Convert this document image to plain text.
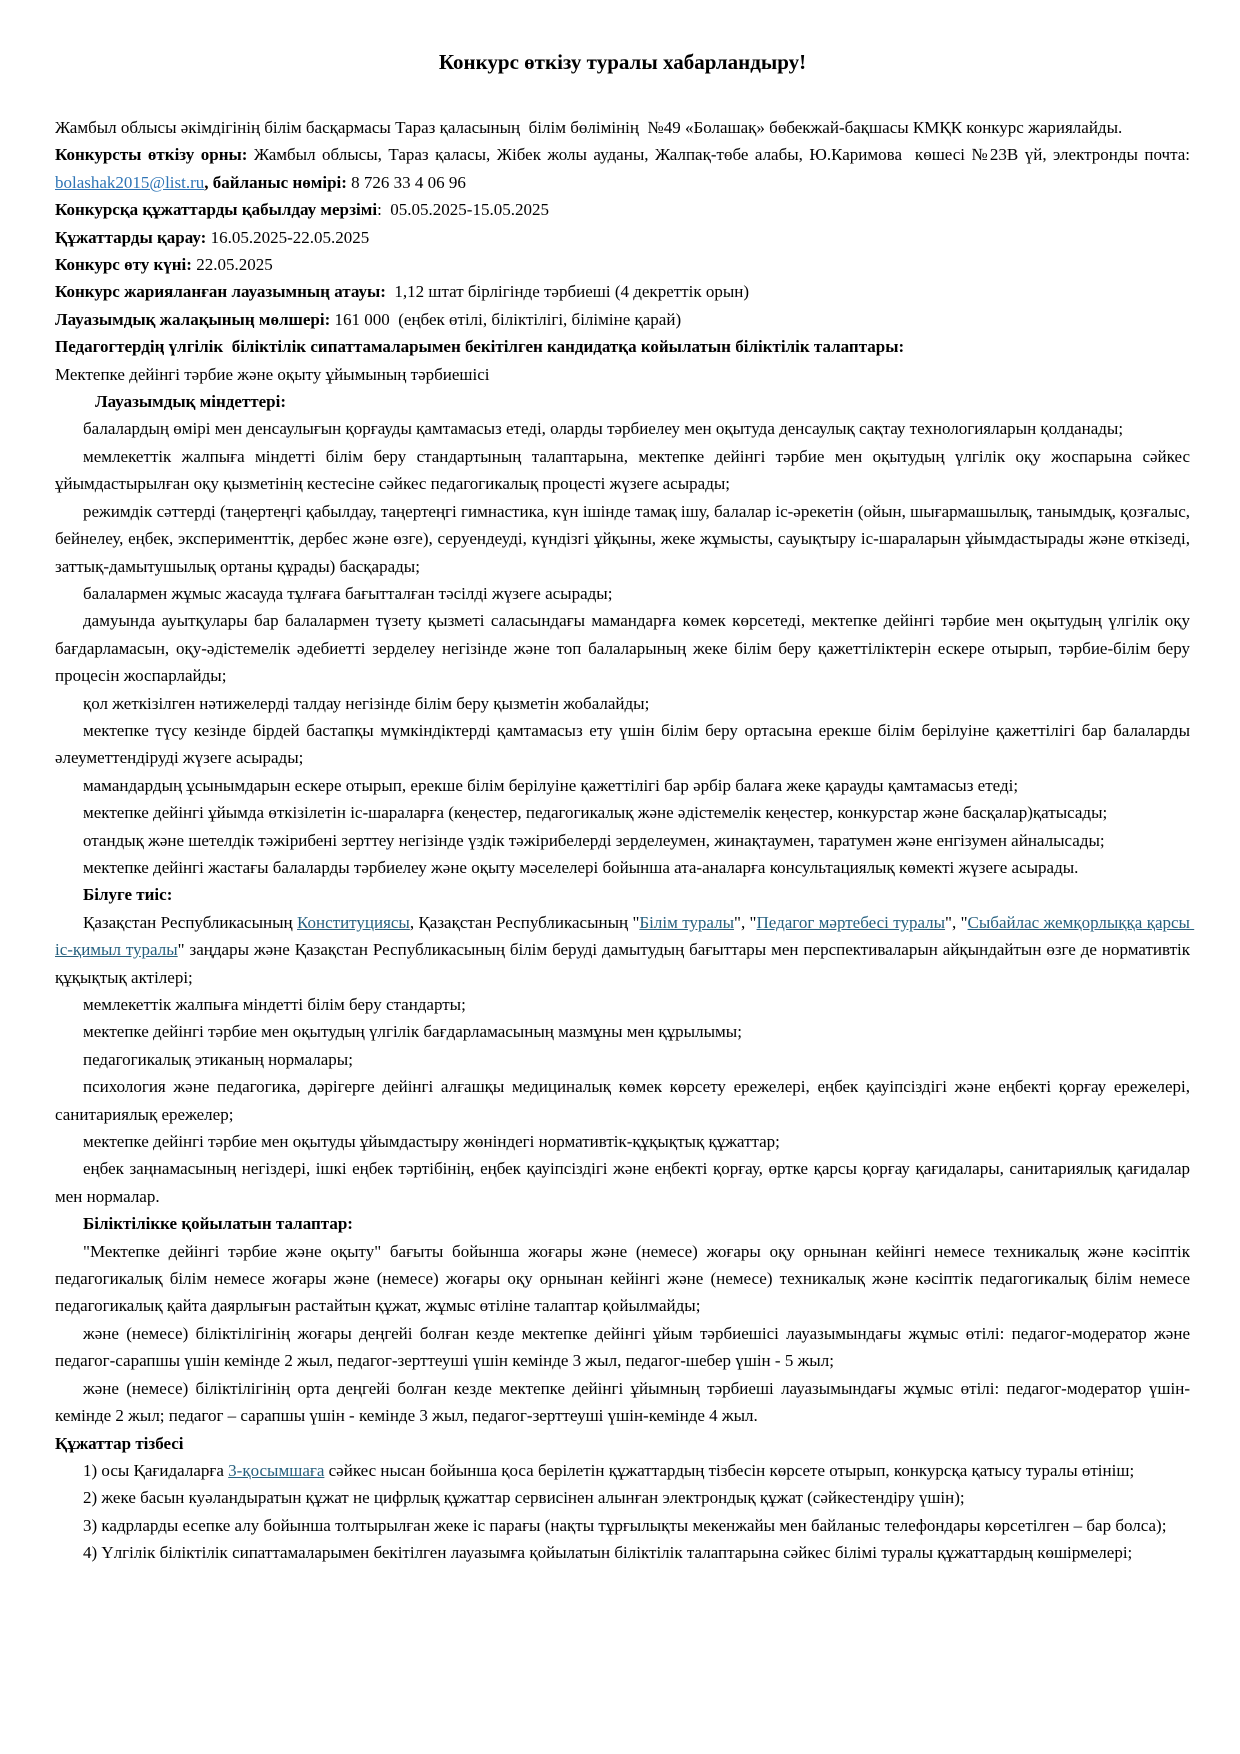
Конкурс өткізу туралы хабарландыру!

Жамбыл облысы әкімдігінің білім басқармасы Тараз қаласының  білім бөлімінің  №49 «Болашақ» бөбекжай-бақшасы КМҚК конкурс жариялайды.

Конкурсты өткізу орны: Жамбыл облысы, Тараз қаласы, Жібек жолы ауданы, Жалпақ-төбе алабы, Ю.Каримова  көшесі №23В үй, электронды почта: bolashak2015@list.ru, байланыс нөмірі: 8 726 33 4 06 96

Конкурсқа құжаттарды қабылдау мерзімі:  05.05.2025-15.05.2025

Құжаттарды қарау: 16.05.2025-22.05.2025

Конкурс өту күні: 22.05.2025

Конкурс жарияланған лауазымның атауы:  1,12 штат бірлігінде тәрбиеші (4 декреттік орын)

Лауазымдық жалақының мөлшері: 161 000  (еңбек өтілі, біліктілігі, біліміне қарай)

Педагогтердің үлгілік  біліктілік сипаттамаларымен бекітілген кандидатқа койылатын біліктілік талаптары:

Мектепке дейінгі тәрбие және оқыту ұйымының тәрбиешісі

Лауазымдық міндеттері:

балалардың өмірі мен денсаулығын қорғауды қамтамасыз етеді, оларды тәрбиелеу мен оқытуда денсаулық сақтау технологияларын қолданады;

мемлекеттік жалпыға міндетті білім беру стандартының талаптарына, мектепке дейінгі тәрбие мен оқытудың үлгілік оқу жоспарына сәйкес ұйымдастырылған оқу қызметінің кестесіне сәйкес педагогикалық процесті жүзеге асырады;

режимдік сәттерді (таңертеңгі қабылдау, таңертеңгі гимнастика, күн ішінде тамақ ішу, балалар іс-әрекетін (ойын, шығармашылық, танымдық, қозғалыс, бейнелеу, еңбек, эксперименттік, дербес және өзге), серуендеуді, күндізгі ұйқыны, жеке жұмысты, сауықтыру іс-шараларын ұйымдастырады және өткізеді, заттық-дамытушылық ортаны құрады) басқарады;

балалармен жұмыс жасауда тұлғаға бағытталған тәсілді жүзеге асырады;

дамуында ауытқулары бар балалармен түзету қызметі саласындағы мамандарға көмек көрсетеді, мектепке дейінгі тәрбие мен оқытудың үлгілік оқу бағдарламасын, оқу-әдістемелік әдебиетті зерделеу негізінде және топ балаларының жеке білім беру қажеттіліктерін ескере отырып, тәрбие-білім беру процесін жоспарлайды;

қол жеткізілген нәтижелерді талдау негізінде білім беру қызметін жобалайды;

мектепке түсу кезінде бірдей бастапқы мүмкіндіктерді қамтамасыз ету үшін білім беру ортасына ерекше білім берілуіне қажеттілігі бар балаларды әлеуметтендіруді жүзеге асырады;

мамандардың ұсынымдарын ескере отырып, ерекше білім берілуіне қажеттілігі бар әрбір балаға жеке қарауды қамтамасыз етеді;

мектепке дейінгі ұйымда өткізілетін іс-шараларға (кеңестер, педагогикалық және әдістемелік кеңестер, конкурстар және басқалар)қатысады;

отандық және шетелдік тәжірибені зерттеу негізінде үздік тәжірибелерді зерделеумен, жинақтаумен, таратумен және енгізумен айналысады;

мектепке дейінгі жастағы балаларды тәрбиелеу және оқыту мәселелері бойынша ата-аналарға консультациялық көмекті жүзеге асырады.

Білуге тиіс:

Қазақстан Республикасының Конституциясы, Қазақстан Республикасының "Білім туралы", "Педагог мәртебесі туралы", "Сыбайлас жемқорлыққа қарсы іс-қимыл туралы" заңдары және Қазақстан Республикасының білім беруді дамытудың бағыттары мен перспективаларын айқындайтын өзге де нормативтік құқықтық актілері;

мемлекеттік жалпыға міндетті білім беру стандарты;

мектепке дейінгі тәрбие мен оқытудың үлгілік бағдарламасының мазмұны мен құрылымы;

педагогикалық этиканың нормалары;

психология және педагогика, дәрігерге дейінгі алғашқы медициналық көмек көрсету ережелері, еңбек қауіпсіздігі және еңбекті қорғау ережелері, санитариялық ережелер;

мектепке дейінгі тәрбие мен оқытуды ұйымдастыру жөніндегі нормативтік-құқықтық құжаттар;

еңбек заңнамасының негіздері, ішкі еңбек тәртібінің, еңбек қауіпсіздігі және еңбекті қорғау, өртке қарсы қорғау қағидалары, санитариялық қағидалар мен нормалар.

Біліктілікке қойылатын талаптар:

"Мектепке дейінгі тәрбие және оқыту" бағыты бойынша жоғары және (немесе) жоғары оқу орнынан кейінгі немесе техникалық және кәсіптік педагогикалық білім немесе жоғары және (немесе) жоғары оқу орнынан кейінгі және (немесе) техникалық және кәсіптік педагогикалық білім немесе педагогикалық қайта даярлығын растайтын құжат, жұмыс өтіліне талаптар қойылмайды;

және (немесе) біліктілігінің жоғары деңгейі болған кезде мектепке дейінгі ұйым тәрбиешісі лауазымындағы жұмыс өтілі: педагог-модератор және педагог-сарапшы үшін кемінде 2 жыл, педагог-зерттеуші үшін кемінде 3 жыл, педагог-шебер үшін - 5 жыл;

және (немесе) біліктілігінің орта деңгейі болған кезде мектепке дейінгі ұйымның тәрбиеші лауазымындағы жұмыс өтілі: педагог-модератор үшін-кемінде 2 жыл; педагог – сарапшы үшін - кемінде 3 жыл, педагог-зерттеуші үшін-кемінде 4 жыл.

Құжаттар тізбесі

1) осы Қағидаларға 3-қосымшаға сәйкес нысан бойынша қоса берілетін құжаттардың тізбесін көрсете отырып, конкурсқа қатысу туралы өтініш;

2) жеке басын куәландыратын құжат не цифрлық құжаттар сервисінен алынған электрондық құжат (сәйкестендіру үшін);

3) кадрларды есепке алу бойынша толтырылған жеке іс парағы (нақты тұрғылықты мекенжайы мен байланыс телефондары көрсетілген – бар болса);

4) Үлгілік біліктілік сипаттамаларымен бекітілген лауазымға қойылатын біліктілік талаптарына сәйкес білімі туралы құжаттардың көшірмелері;
